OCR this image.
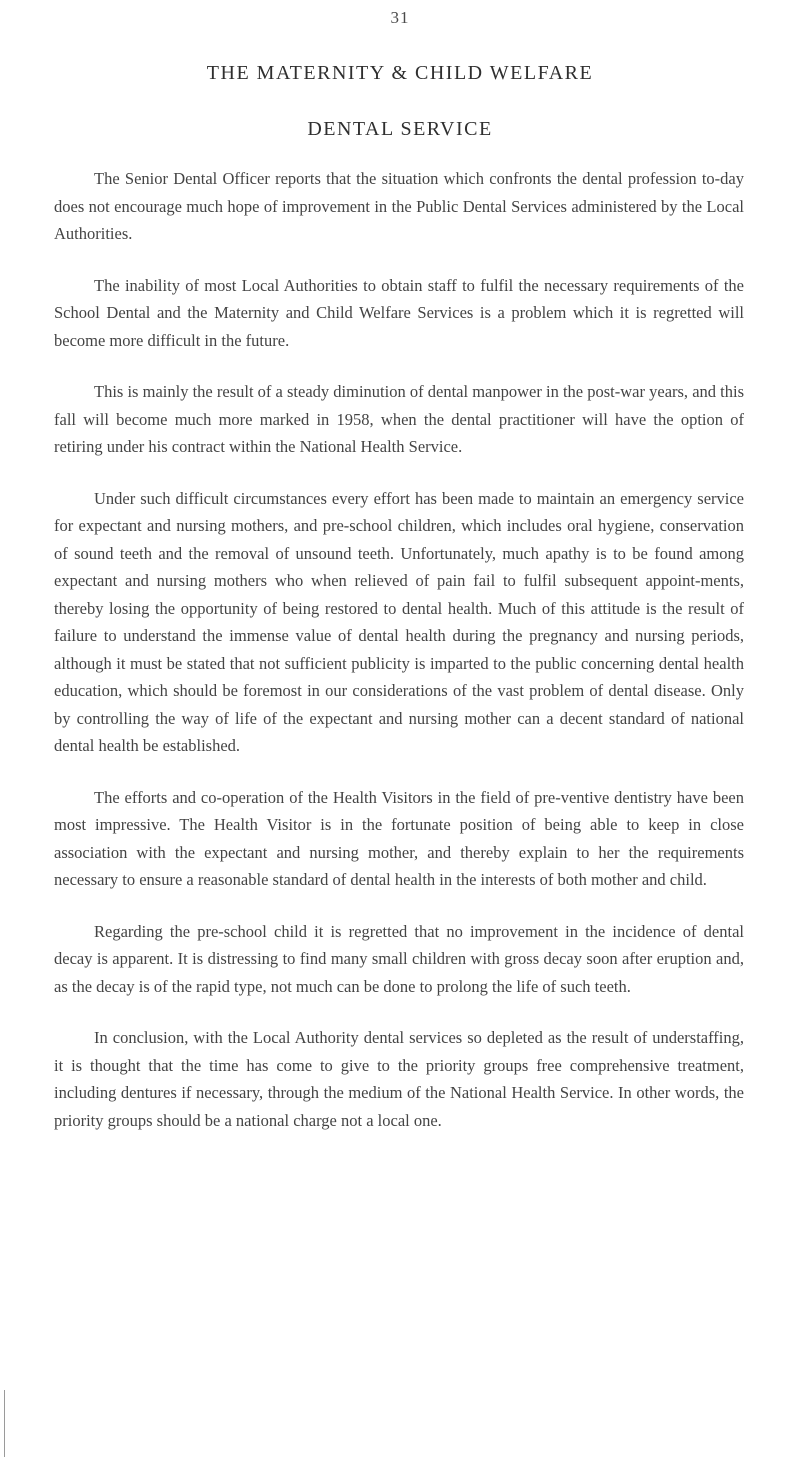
31
THE MATERNITY & CHILD WELFARE
DENTAL SERVICE

The Senior Dental Officer reports that the situation which confronts the dental profession to-day does not encourage much hope of improvement in the Public Dental Services administered by the Local Authorities.

The inability of most Local Authorities to obtain staff to fulfil the necessary requirements of the School Dental and the Maternity and Child Welfare Services is a problem which it is regretted will become more difficult in the future.

This is mainly the result of a steady diminution of dental manpower in the post-war years, and this fall will become much more marked in 1958, when the dental practitioner will have the option of retiring under his contract within the National Health Service.

Under such difficult circumstances every effort has been made to maintain an emergency service for expectant and nursing mothers, and pre-school children, which includes oral hygiene, conservation of sound teeth and the removal of unsound teeth. Unfortunately, much apathy is to be found among expectant and nursing mothers who when relieved of pain fail to fulfil subsequent appoint-ments, thereby losing the opportunity of being restored to dental health. Much of this attitude is the result of failure to understand the immense value of dental health during the pregnancy and nursing periods, although it must be stated that not sufficient publicity is imparted to the public concerning dental health education, which should be foremost in our considerations of the vast problem of dental disease. Only by controlling the way of life of the expectant and nursing mother can a decent standard of national dental health be established.

The efforts and co-operation of the Health Visitors in the field of pre-ventive dentistry have been most impressive. The Health Visitor is in the fortunate position of being able to keep in close association with the expectant and nursing mother, and thereby explain to her the requirements necessary to ensure a reasonable standard of dental health in the interests of both mother and child.

Regarding the pre-school child it is regretted that no improvement in the incidence of dental decay is apparent. It is distressing to find many small children with gross decay soon after eruption and, as the decay is of the rapid type, not much can be done to prolong the life of such teeth.

In conclusion, with the Local Authority dental services so depleted as the result of understaffing, it is thought that the time has come to give to the priority groups free comprehensive treatment, including dentures if necessary, through the medium of the National Health Service. In other words, the priority groups should be a national charge not a local one.
